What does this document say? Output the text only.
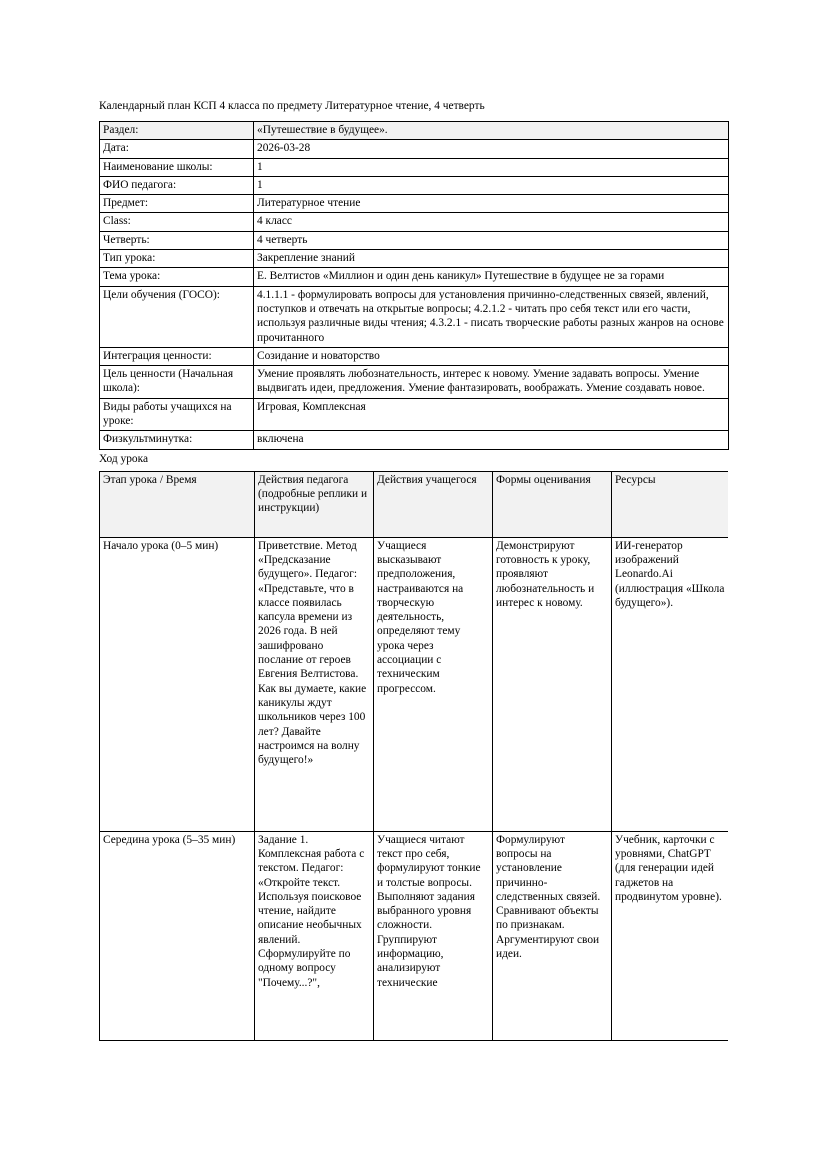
Календарный план КСП 4 класса по предмету Литературное чтение, 4 четверть

Раздел:	«Путешествие в будущее».
Дата:	2026-03-28
Наименование школы:	1
ФИО педагога:	1
Предмет:	Литературное чтение
Class:	4 класс
Четверть:	4 четверть
Тип урока:	Закрепление знаний
Тема урока:	Е. Велтистов «Миллион и один день каникул» Путешествие в будущее не за горами
Цели обучения (ГОСО):	4.1.1.1 - формулировать вопросы для установления причинно-следственных связей, явлений, поступков и отвечать на открытые вопросы; 4.2.1.2 - читать про себя текст или его части, используя различные виды чтения; 4.3.2.1 - писать творческие работы разных жанров на основе прочитанного
Интеграция ценности:	Созидание и новаторство
Цель ценности (Начальная школа):	Умение проявлять любознательность, интерес к новому. Умение задавать вопросы. Умение выдвигать идеи, предложения. Умение фантазировать, воображать. Умение создавать новое.
Виды работы учащихся на уроке:	Игровая, Комплексная
Физкультминутка:	включена

Ход урока

Этап урока / Время	Действия педагога (подробные реплики и инструкции)	Действия учащегося	Формы оценивания	Ресурсы
Начало урока (0–5 мин)	Приветствие. Метод «Предсказание будущего». Педагог: «Представьте, что в классе появилась капсула времени из 2026 года. В ней зашифровано послание от героев Евгения Велтистова. Как вы думаете, какие каникулы ждут школьников через 100 лет? Давайте настроимся на волну будущего!»	Учащиеся высказывают предположения, настраиваются на творческую деятельность, определяют тему урока через ассоциации с техническим прогрессом.	Демонстрируют готовность к уроку, проявляют любознательность и интерес к новому.	ИИ-генератор изображений Leonardo.Ai (иллюстрация «Школа будущего»).
Середина урока (5–35 мин)	Задание 1. Комплексная работа с текстом. Педагог: «Откройте текст. Используя поисковое чтение, найдите описание необычных явлений. Сформулируйте по одному вопросу "Почему...?",	Учащиеся читают текст про себя, формулируют тонкие и толстые вопросы. Выполняют задания выбранного уровня сложности. Группируют информацию, анализируют технические	Формулируют вопросы на установление причинно-следственных связей. Сравнивают объекты по признакам. Аргументируют свои идеи.	Учебник, карточки с уровнями, ChatGPT (для генерации идей гаджетов на продвинутом уровне).
